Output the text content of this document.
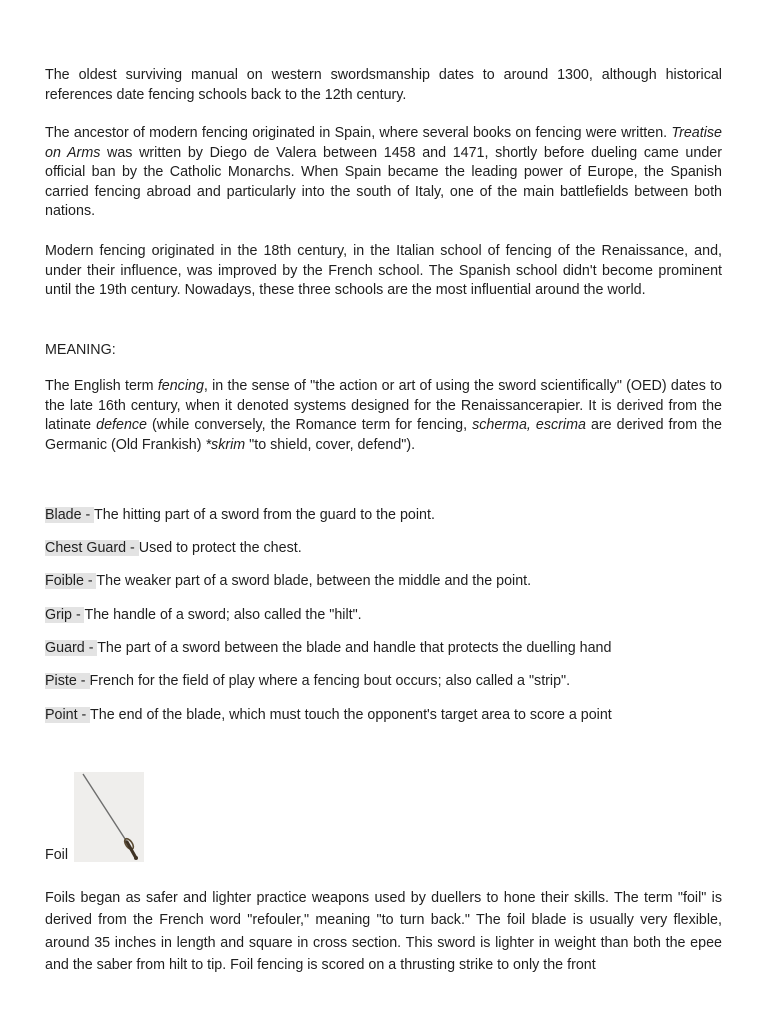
The oldest surviving manual on western swordsmanship dates to around 1300, although historical references date fencing schools back to the 12th century.

The ancestor of modern fencing originated in Spain, where several books on fencing were written. Treatise on Arms was written by Diego de Valera between 1458 and 1471, shortly before dueling came under official ban by the Catholic Monarchs. When Spain became the leading power of Europe, the Spanish carried fencing abroad and particularly into the south of Italy, one of the main battlefields between both nations.

Modern fencing originated in the 18th century, in the Italian school of fencing of the Renaissance, and, under their influence, was improved by the French school. The Spanish school didn't become prominent until the 19th century. Nowadays, these three schools are the most influential around the world.

MEANING:

The English term fencing, in the sense of "the action or art of using the sword scientifically" (OED) dates to the late 16th century, when it denoted systems designed for the Renaissancerapier. It is derived from the latinate defence (while conversely, the Romance term for fencing, scherma, escrima are derived from the Germanic (Old Frankish) *skrim "to shield, cover, defend").

Blade - The hitting part of a sword from the guard to the point.

Chest Guard - Used to protect the chest.

Foible - The weaker part of a sword blade, between the middle and the point.

Grip - The handle of a sword; also called the "hilt".

Guard - The part of a sword between the blade and handle that protects the duelling hand

Piste - French for the field of play where a fencing bout occurs; also called a "strip".

Point - The end of the blade, which must touch the opponent's target area to score a point

Foil

Foils began as safer and lighter practice weapons used by duellers to hone their skills. The term "foil" is derived from the French word "refouler," meaning "to turn back." The foil blade is usually very flexible, around 35 inches in length and square in cross section. This sword is lighter in weight than both the epee and the saber from hilt to tip. Foil fencing is scored on a thrusting strike to only the front
